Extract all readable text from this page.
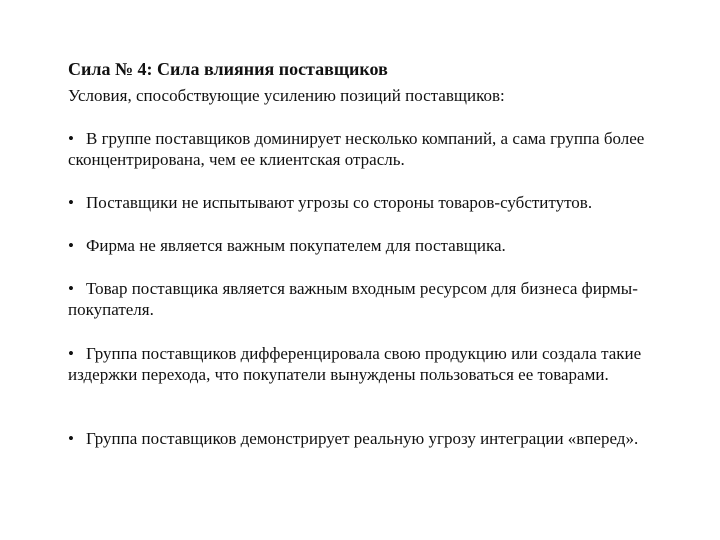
Сила № 4: Сила влияния поставщиков
Условия, способствующие усилению позиций поставщиков:
• В группе поставщиков доминирует несколько компаний, а сама группа более сконцентрирована, чем ее клиентская отрасль.
• Поставщики не испытывают угрозы со стороны товаров-субститутов.
• Фирма не является важным покупателем для поставщика.
• Товар поставщика является важным входным ресурсом для бизнеса фирмы-покупателя.
• Группа поставщиков дифференцировала свою продукцию или создала такие издержки перехода, что покупатели вынуждены пользоваться ее товарами.
• Группа поставщиков демонстрирует реальную угрозу интеграции «вперед».
